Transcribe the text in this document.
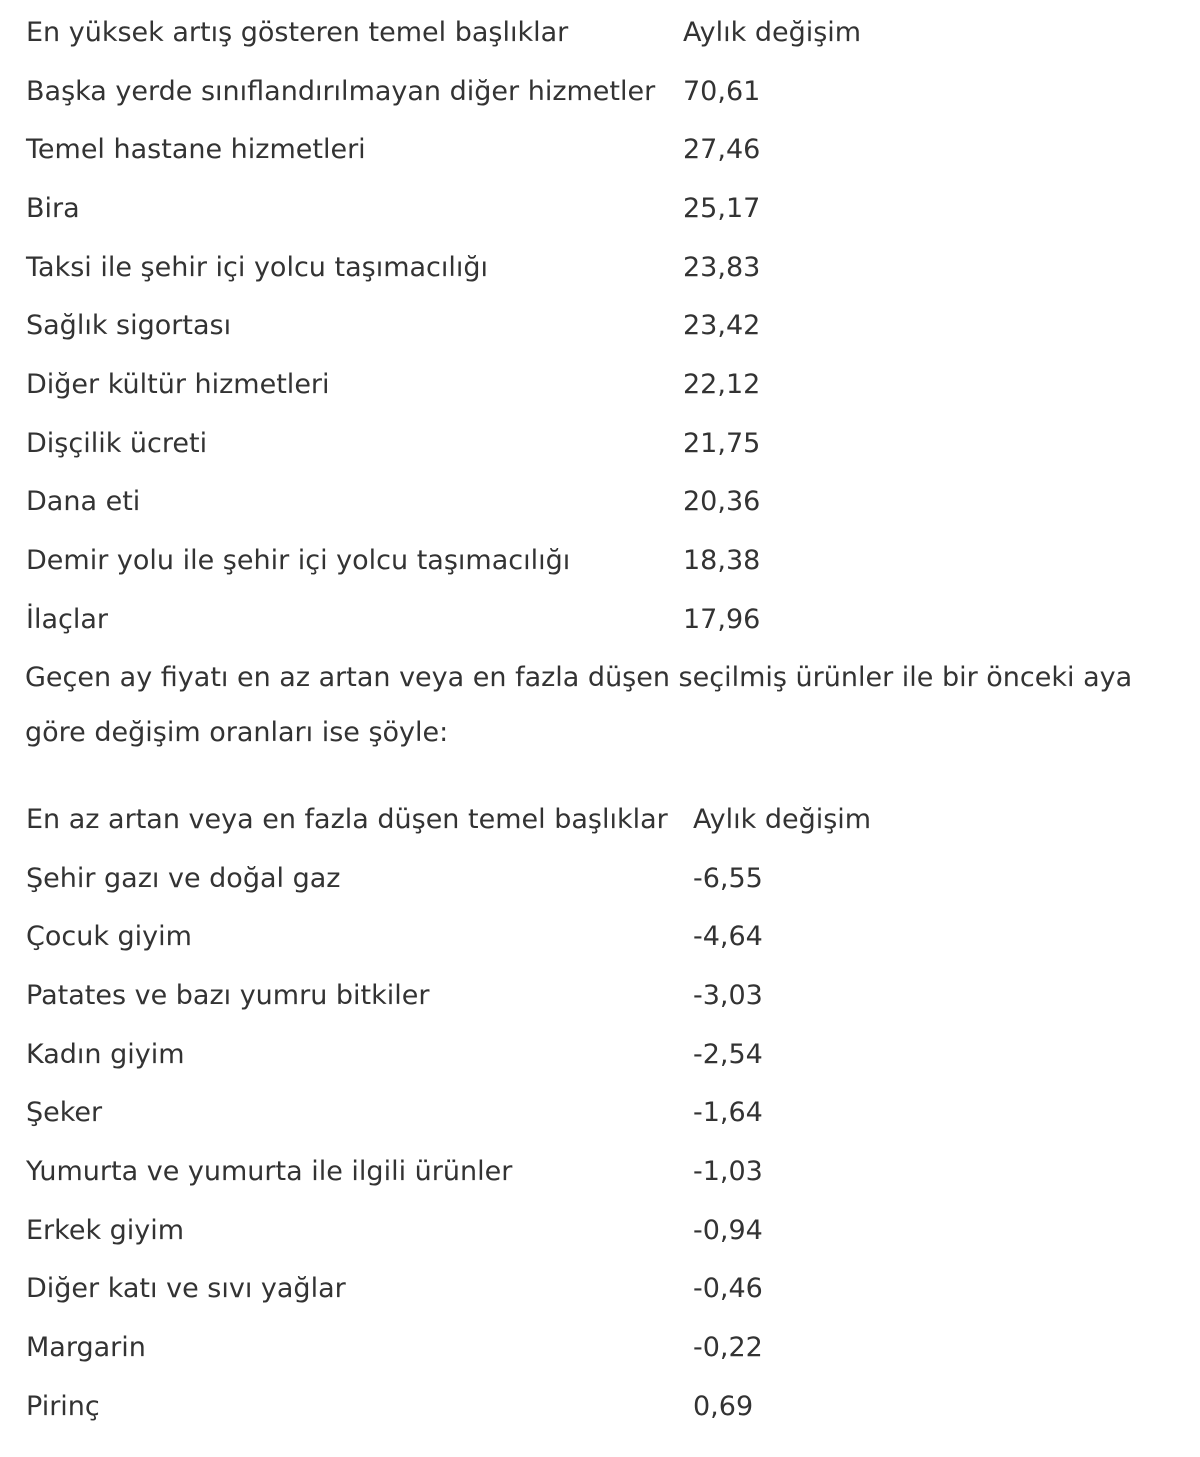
En yüksek artış gösteren temel başlıklar	Aylık değişim
Başka yerde sınıflandırılmayan diğer hizmetler	70,61
Temel hastane hizmetleri	27,46
Bira	25,17
Taksi ile şehir içi yolcu taşımacılığı	23,83
Sağlık sigortası	23,42
Diğer kültür hizmetleri	22,12
Dişçilik ücreti	21,75
Dana eti	20,36
Demir yolu ile şehir içi yolcu taşımacılığı	18,38
İlaçlar	17,96

Geçen ay fiyatı en az artan veya en fazla düşen seçilmiş ürünler ile bir önceki aya göre değişim oranları ise şöyle:

En az artan veya en fazla düşen temel başlıklar	Aylık değişim
Şehir gazı ve doğal gaz	-6,55
Çocuk giyim	-4,64
Patates ve bazı yumru bitkiler	-3,03
Kadın giyim	-2,54
Şeker	-1,64
Yumurta ve yumurta ile ilgili ürünler	-1,03
Erkek giyim	-0,94
Diğer katı ve sıvı yağlar	-0,46
Margarin	-0,22
Pirinç	0,69
